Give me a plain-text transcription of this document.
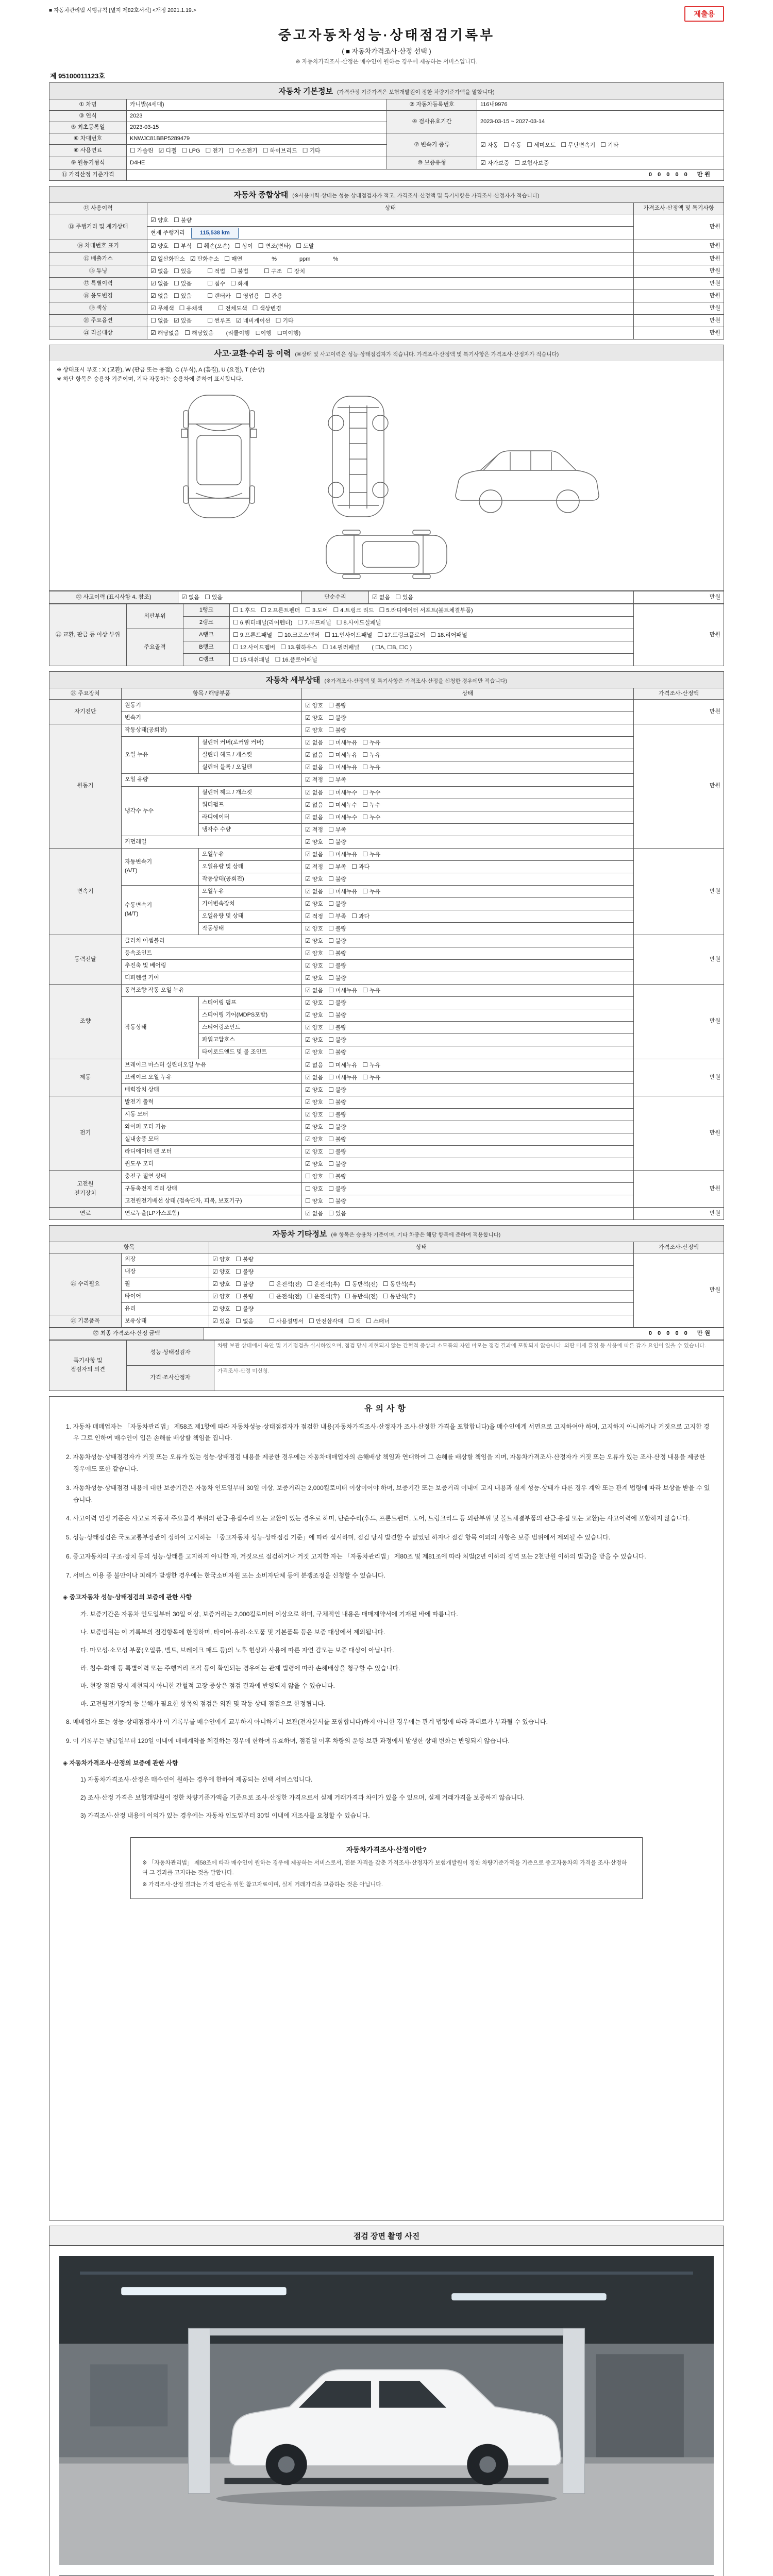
■ 자동차관리법 시행규칙 [별지 제82호서식] <개정 2021.1.19.>	제출용
중고자동차성능·상태점검기록부
( ■ 자동차가격조사·산정 선택 )
※ 자동차가격조사·산정은 매수인이 원하는 경우에 제공하는 서비스입니다.
제 95100011123호
자동차 기본정보 (가격산정 기준가격은 보험개발원이 정한 차량기준가액을 말합니다)
① 차명	카니발(4세대)	② 자동차등록번호	116내9976
③ 연식	2023	④ 검사유효기간	2023-03-15 ~ 2027-03-14
⑤ 최초등록일	2023-03-15		
⑥ 차대번호	KNWJC81BBP5289479	⑦ 변속기 종류	☑ 자동 ☐ 수동 ☐ 세미오토 ☐ 무단변속기 ☐ 기타
⑧ 사용연료	☐ 가솔린 ☑ 디젤 ☐ LPG ☐ 전기 ☐ 수소전기 ☐ 하이브리드 ☐ 기타		
⑨ 원동기형식	D4HE	⑩ 보증유형	☑ 자가보증 ☐ 보험사보증
⑪ 가격산정 기준가격	0 0 0 0 0　만원		
자동차 종합상태 (※사용이력·상태는 성능·상태점검자가 적고, 가격조사·산정액 및 특기사항은 가격조사·산정자가 적습니다)
⑫ 사용이력	상태	가격조사·산정액 및 특기사항
⑬ 주행거리 및 계기상태	☑ 양호 ☐ 불량	만원
	현재 주행거리 115,538 km	
⑭ 차대번호 표기	☑ 양호 ☐ 부식 ☐ 훼손(오손) ☐ 상이 ☐ 변조(변타) ☐ 도말	만원
⑮ 배출가스	☑ 일산화탄소 ☑ 탄화수소 ☐ 매연　　　%　　　　ppm　　　　%	만원
⑯ 튜닝	☑ 없음 ☐ 있음 ☐ 적법 ☐ 불법 ☐ 구조 ☐ 장치	만원
⑰ 특별이력	☑ 없음 ☐ 있음 ☐ 침수 ☐ 화재	만원
⑱ 용도변경	☑ 없음 ☐ 있음 ☐ 렌터카 ☐ 영업용 ☐ 관용	만원
⑲ 색상	☑ 무채색 ☐ 유채색 ☐ 전체도색 ☐ 색상변경	만원
⑳ 주요옵션	☐ 없음 ☑ 있음 ☐ 썬루프 ☑ 네비게이션 ☐ 기타	만원
㉑ 리콜대상	☑ 해당없음 ☐ 해당있음 (리콜이행　☐이행　☐미이행)	만원
사고·교환·수리 등 이력 (※상태 및 사고이력은 성능·상태점검자가 적습니다. 가격조사·산정액 및 특기사항은 가격조사·산정자가 적습니다)
※ 상태표시 부호 : X (교환), W (판금 또는 용접), C (부식), A (흠집), U (요철), T (손상)
※ 하단 항목은 승용차 기준이며, 기타 자동차는 승용차에 준하여 표시합니다.
㉒ 사고이력 (표시사항 4. 참조)	☑ 없음 ☐ 있음	단순수리	☑ 없음 ☐ 있음	만원
㉓ 교환, 판금 등 이상 부위	외판부위	1랭크	☐ 1.후드 ☐ 2.프론트펜더 ☐ 3.도어 ☐ 4.트렁크 리드 ☐ 5.라디에이터 서포트(볼트체결부품)	만원
		2랭크	☐ 6.쿼터패널(리어펜더) ☐ 7.루프패널 ☐ 8.사이드실패널	
	주요골격	A랭크	☐ 9.프론트패널 ☐ 10.크로스멤버 ☐ 11.인사이드패널 ☐ 17.트렁크플로어 ☐ 18.리어패널	
		B랭크	☐ 12.사이드멤버 ☐ 13.휠하우스 ☐ 14.필러패널 ( ☐A, ☐B, ☐C )	
		C랭크	☐ 15.대쉬패널 ☐ 16.플로어패널	
자동차 세부상태 (※가격조사·산정액 및 특기사항은 가격조사·산정을 신청한 경우에만 적습니다)
㉔ 주요장치	항목 / 해당부품		상태	가격조사·산정액
자기진단	원동기		☑ 양호 ☐ 불량	만원
	변속기		☑ 양호 ☐ 불량	
원동기	작동상태(공회전)		☑ 양호 ☐ 불량	만원
	오일 누유	실린더 커버(로커암 커버)	☑ 없음 ☐ 미세누유 ☐ 누유	
		실린더 헤드 / 개스킷	☑ 없음 ☐ 미세누유 ☐ 누유	
		실린더 블록 / 오일팬	☑ 없음 ☐ 미세누유 ☐ 누유	
	오일 유량		☑ 적정 ☐ 부족	
	냉각수 누수	실린더 헤드 / 개스킷	☑ 없음 ☐ 미세누수 ☐ 누수	
		워터펌프	☑ 없음 ☐ 미세누수 ☐ 누수	
		라디에이터	☑ 없음 ☐ 미세누수 ☐ 누수	
		냉각수 수량	☑ 적정 ☐ 부족	
	커먼레일		☑ 양호 ☐ 불량	
변속기	자동변속기
(A/T)	오일누유	☑ 없음 ☐ 미세누유 ☐ 누유	만원
		오일유량 및 상태	☑ 적정 ☐ 부족 ☐ 과다	
		작동상태(공회전)	☑ 양호 ☐ 불량	
	수동변속기
(M/T)	오일누유	☑ 없음 ☐ 미세누유 ☐ 누유	
		기어변속장치	☑ 양호 ☐ 불량	
		오일유량 및 상태	☑ 적정 ☐ 부족 ☐ 과다	
		작동상태	☑ 양호 ☐ 불량	
동력전달	클러치 어셈블리		☑ 양호 ☐ 불량	만원
	등속조인트		☑ 양호 ☐ 불량	
	추진축 및 베어링		☑ 양호 ☐ 불량	
	디퍼렌셜 기어		☑ 양호 ☐ 불량	
조향	동력조향 작동 오일 누유		☑ 없음 ☐ 미세누유 ☐ 누유	만원
	작동상태	스티어링 펌프	☑ 양호 ☐ 불량	
		스티어링 기어(MDPS포함)	☑ 양호 ☐ 불량	
		스티어링조인트	☑ 양호 ☐ 불량	
		파워고압호스	☑ 양호 ☐ 불량	
		타이로드엔드 및 볼 조인트	☑ 양호 ☐ 불량	
제동	브레이크 마스터 실린더오일 누유		☑ 없음 ☐ 미세누유 ☐ 누유	만원
	브레이크 오일 누유		☑ 없음 ☐ 미세누유 ☐ 누유	
	배력장치 상태		☑ 양호 ☐ 불량	
전기	발전기 출력		☑ 양호 ☐ 불량	만원
	시동 모터		☑ 양호 ☐ 불량	
	와이퍼 모터 기능		☑ 양호 ☐ 불량	
	실내송풍 모터		☑ 양호 ☐ 불량	
	라디에이터 팬 모터		☑ 양호 ☐ 불량	
	윈도우 모터		☑ 양호 ☐ 불량	
고전원
전기장치	충전구 절연 상태		☐ 양호 ☐ 불량	만원
	구동축전지 격리 상태		☐ 양호 ☐ 불량	
	고전원전기배선 상태 (접속단자, 피복, 보호기구)		☐ 양호 ☐ 불량	
연료	연료누출(LP가스포함)		☑ 없음 ☐ 있음	만원
자동차 기타정보 (※ 항목은 승용차 기준이며, 기타 차종은 해당 항목에 준하여 적용합니다)
항목		상태	가격조사·산정액
㉕ 수리필요	외장	☑ 양호 ☐ 불량	만원
	내장	☑ 양호 ☐ 불량	
	휠	☑ 양호 ☐ 불량 ☐ 운전석(전) ☐ 운전석(후) ☐ 동반석(전) ☐ 동반석(후)	
	타이어	☑ 양호 ☐ 불량 ☐ 운전석(전) ☐ 운전석(후) ☐ 동반석(전) ☐ 동반석(후)	
	유리	☑ 양호 ☐ 불량	
㉖ 기본품목	보유상태	☑ 있음 ☐ 없음 ☐ 사용설명서 ☐ 안전삼각대 ☐ 잭 ☐ 스패너	
㉗ 최종 가격조사·산정 금액	0 0 0 0 0　만원
특기사항 및
점검자의 의견	성능·상태점검자	차량 보관 상태에서 육안 및 기기점검을 실시하였으며, 점검 당시 재현되지 않는 간헐적 증상과 소모품의 자연 마모는 점검 결과에 포함되지 않습니다. 외판 미세 흠집 등 사용에 따른 감가 요인이 있을 수 있습니다.
	가격·조사산정자	가격조사·산정 미신청.
유의사항
1. 자동차 매매업자는 「자동차관리법」 제58조 제1항에 따라 자동차성능·상태점검자가 점검한 내용(자동차가격조사·산정자가 조사·산정한 가격을 포함합니다)을 매수인에게 서면으로 고지하여야 하며, 고지하지 아니하거나 거짓으로 고지한 경우 그로 인하여 매수인이 입은 손해를 배상할 책임을 집니다.
2. 자동차성능·상태점검자가 거짓 또는 오류가 있는 성능·상태점검 내용을 제공한 경우에는 자동차매매업자의 손해배상 책임과 연대하여 그 손해를 배상할 책임을 지며, 자동차가격조사·산정자가 거짓 또는 오류가 있는 조사·산정 내용을 제공한 경우에도 또한 같습니다.
3. 자동차성능·상태점검 내용에 대한 보증기간은 자동차 인도일부터 30일 이상, 보증거리는 2,000킬로미터 이상이어야 하며, 보증기간 또는 보증거리 이내에 고지 내용과 실제 성능·상태가 다른 경우 계약 또는 관계 법령에 따라 보상을 받을 수 있습니다.
4. 사고이력 인정 기준은 사고로 자동차 주요골격 부위의 판금·용접수리 또는 교환이 있는 경우로 하며, 단순수리(후드, 프론트펜더, 도어, 트렁크리드 등 외판부위 및 볼트체결부품의 판금·용접 또는 교환)는 사고이력에 포함하지 않습니다.
5. 성능·상태점검은 국토교통부장관이 정하여 고시하는 「중고자동차 성능·상태점검 기준」에 따라 실시하며, 점검 당시 발견할 수 없었던 하자나 점검 항목 이외의 사항은 보증 범위에서 제외될 수 있습니다.
6. 중고자동차의 구조·장치 등의 성능·상태를 고지하지 아니한 자, 거짓으로 점검하거나 거짓 고지한 자는 「자동차관리법」 제80조 및 제81조에 따라 처벌(2년 이하의 징역 또는 2천만원 이하의 벌금)을 받을 수 있습니다.
7. 서비스 이용 중 불만이나 피해가 발생한 경우에는 한국소비자원 또는 소비자단체 등에 분쟁조정을 신청할 수 있습니다.
◈ 중고자동차 성능·상태점검의 보증에 관한 사항
가. 보증기간은 자동차 인도일부터 30일 이상, 보증거리는 2,000킬로미터 이상으로 하며, 구체적인 내용은 매매계약서에 기재된 바에 따릅니다.
나. 보증범위는 이 기록부의 점검항목에 한정하며, 타이어·유리·소모품 및 기본품목 등은 보증 대상에서 제외됩니다.
다. 마모성·소모성 부품(오일류, 벨트, 브레이크 패드 등)의 노후 현상과 사용에 따른 자연 감모는 보증 대상이 아닙니다.
라. 침수·화재 등 특별이력 또는 주행거리 조작 등이 확인되는 경우에는 관계 법령에 따라 손해배상을 청구할 수 있습니다.
마. 현장 점검 당시 재현되지 아니한 간헐적 고장 증상은 점검 결과에 반영되지 않을 수 있습니다.
바. 고전원전기장치 등 분해가 필요한 항목의 점검은 외관 및 작동 상태 점검으로 한정됩니다.
8. 매매업자 또는 성능·상태점검자가 이 기록부를 매수인에게 교부하지 아니하거나 보관(전자문서를 포함합니다)하지 아니한 경우에는 관계 법령에 따라 과태료가 부과될 수 있습니다.
9. 이 기록부는 발급일부터 120일 이내에 매매계약을 체결하는 경우에 한하여 유효하며, 점검일 이후 차량의 운행·보관 과정에서 발생한 상태 변화는 반영되지 않습니다.
◈ 자동차가격조사·산정의 보증에 관한 사항
1) 자동차가격조사·산정은 매수인이 원하는 경우에 한하여 제공되는 선택 서비스입니다.
2) 조사·산정 가격은 보험개발원이 정한 차량기준가액을 기준으로 조사·산정한 가격으로서 실제 거래가격과 차이가 있을 수 있으며, 실제 거래가격을 보증하지 않습니다.
3) 가격조사·산정 내용에 이의가 있는 경우에는 자동차 인도일부터 30일 이내에 재조사를 요청할 수 있습니다.
자동차가격조사·산정이란?
※ 「자동차관리법」 제58조에 따라 매수인이 원하는 경우에 제공하는 서비스로서, 전문 자격을 갖춘 가격조사·산정자가 보험개발원이 정한 차량기준가액을 기준으로 중고자동차의 가격을 조사·산정하여 그 결과를 고지하는 것을 말합니다.
※ 가격조사·산정 결과는 가격 판단을 위한 참고자료이며, 실제 거래가격을 보증하는 것은 아닙니다.
점검 장면 촬영 사진
